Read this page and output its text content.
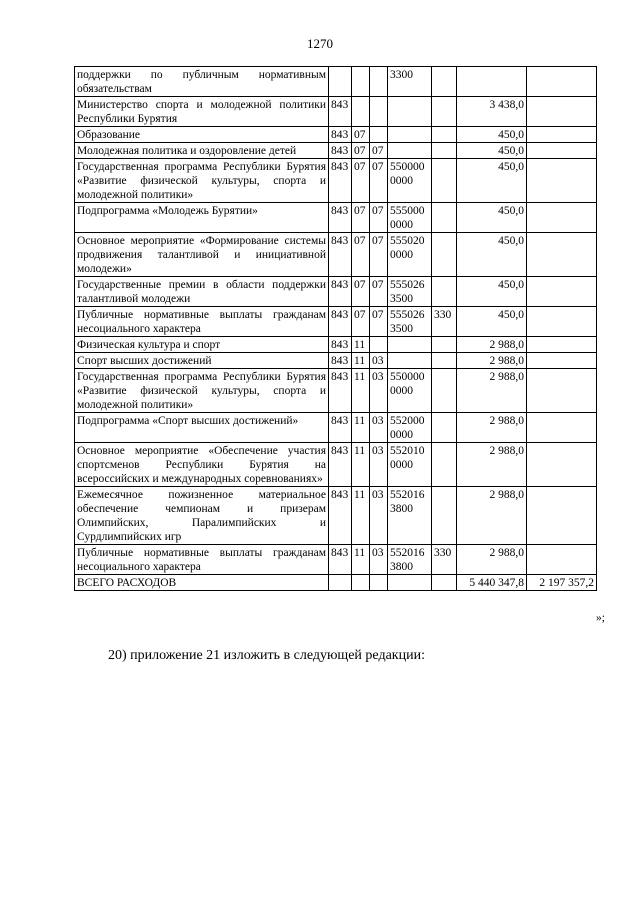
1270
поддержки по публичным нормативным обязательствам				3300			
Министерство спорта и молодежной политики Республики Бурятия	843					3 438,0	
Образование	843	07				450,0	
Молодежная политика и оздоровление детей	843	07	07			450,0	
Государственная программа Республики Бурятия «Развитие физической культуры, спорта и молодежной политики»	843	07	07	550000 0000		450,0	
Подпрограмма «Молодежь Бурятии»	843	07	07	555000 0000		450,0	
Основное мероприятие «Формирование системы продвижения талантливой и инициативной молодежи»	843	07	07	555020 0000		450,0	
Государственные премии в области поддержки талантливой молодежи	843	07	07	555026 3500		450,0	
Публичные нормативные выплаты гражданам несоциального характера	843	07	07	555026 3500	330	450,0	
Физическая культура и спорт	843	11				2 988,0	
Спорт высших достижений	843	11	03			2 988,0	
Государственная программа Республики Бурятия «Развитие физической культуры, спорта и молодежной политики»	843	11	03	550000 0000		2 988,0	
Подпрограмма «Спорт высших достижений»	843	11	03	552000 0000		2 988,0	
Основное мероприятие «Обеспечение участия спортсменов Республики Бурятия на всероссийских и международных соревнованиях»	843	11	03	552010 0000		2 988,0	
Ежемесячное пожизненное материальное обеспечение чемпионам и призерам Олимпийских, Паралимпийских и Сурдлимпийских игр	843	11	03	552016 3800		2 988,0	
Публичные нормативные выплаты гражданам несоциального характера	843	11	03	552016 3800	330	2 988,0	
ВСЕГО РАСХОДОВ						5 440 347,8	2 197 357,2
»;
20) приложение 21 изложить в следующей редакции:
